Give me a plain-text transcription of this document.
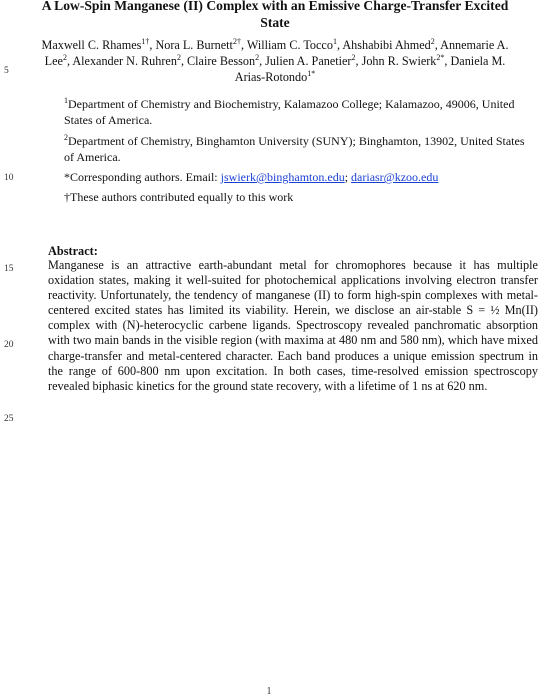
A Low-Spin Manganese (II) Complex with an Emissive Charge-Transfer Excited State
Maxwell C. Rhames$^{1\dagger}$, Nora L. Burnett$^{2\dagger}$, William C. Tocco$^1$, Ahshabibi Ahmed$^2$, Annemarie A. Lee$^2$, Alexander N. Ruhren$^2$, Claire Besson$^2$, Julien A. Panetier$^2$, John R. Swierk$^{2*}$, Daniela M. Arias-Rotondo$^{1*}$
$^1$Department of Chemistry and Biochemistry, Kalamazoo College; Kalamazoo, 49006, United States of America.
$^2$Department of Chemistry, Binghamton University (SUNY); Binghamton, 13902, United States of America.
*Corresponding authors. Email: jswierk@binghamton.edu; dariasr@kzoo.edu
†These authors contributed equally to this work
5
10
15
20
25
Abstract:
Manganese is an attractive earth-abundant metal for chromophores because it has multiple oxidation states, making it well-suited for photochemical applications involving electron transfer reactivity. Unfortunately, the tendency of manganese (II) to form high-spin complexes with metal-centered excited states has limited its viability. Herein, we disclose an air-stable S = ½ Mn(II) complex with (N)-heterocyclic carbene ligands. Spectroscopy revealed panchromatic absorption with two main bands in the visible region (with maxima at 480 nm and 580 nm), which have mixed charge-transfer and metal-centered character. Each band produces a unique emission spectrum in the range of 600-800 nm upon excitation. In both cases, time-resolved emission spectroscopy revealed biphasic kinetics for the ground state recovery, with a lifetime of 1 ns at 620 nm.
1
